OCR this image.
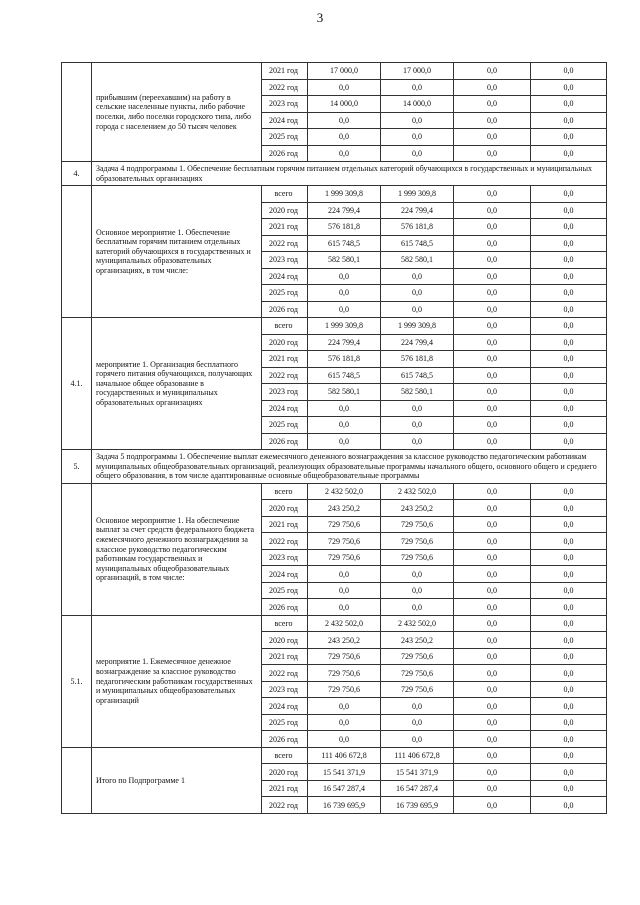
3
	прибывшим (переехавшим) на работу в сельские населенные пункты, либо рабочие поселки, либо поселки городского типа, либо города с населением до 50 тысяч человек	2021 год	17 000,0	17 000,0	0,0	0,0
		2022 год	0,0	0,0	0,0	0,0
		2023 год	14 000,0	14 000,0	0,0	0,0
		2024 год	0,0	0,0	0,0	0,0
		2025 год	0,0	0,0	0,0	0,0
		2026 год	0,0	0,0	0,0	0,0
4.	Задача 4 подпрограммы 1. Обеспечение бесплатным горячим питанием отдельных категорий обучающихся в государственных и муниципальных образовательных организациях					
	Основное мероприятие 1. Обеспечение бесплатным горячим питанием отдельных категорий обучающихся в государственных и муниципальных образовательных организациях, в том числе:	всего	1 999 309,8	1 999 309,8	0,0	0,0
		2020 год	224 799,4	224 799,4	0,0	0,0
		2021 год	576 181,8	576 181,8	0,0	0,0
		2022 год	615 748,5	615 748,5	0,0	0,0
		2023 год	582 580,1	582 580,1	0,0	0,0
		2024 год	0,0	0,0	0,0	0,0
		2025 год	0,0	0,0	0,0	0,0
		2026 год	0,0	0,0	0,0	0,0
4.1.	мероприятие 1. Организация бесплатного горячего питания обучающихся, получающих начальное общее образование в государственных и муниципальных образовательных организациях	всего	1 999 309,8	1 999 309,8	0,0	0,0
		2020 год	224 799,4	224 799,4	0,0	0,0
		2021 год	576 181,8	576 181,8	0,0	0,0
		2022 год	615 748,5	615 748,5	0,0	0,0
		2023 год	582 580,1	582 580,1	0,0	0,0
		2024 год	0,0	0,0	0,0	0,0
		2025 год	0,0	0,0	0,0	0,0
		2026 год	0,0	0,0	0,0	0,0
5.	Задача 5 подпрограммы 1. Обеспечение выплат ежемесячного денежного вознаграждения за классное руководство педагогическим работникам муниципальных общеобразовательных организаций, реализующих образовательные программы начального общего, основного общего и среднего общего образования, в том числе адаптированные основные общеобразовательные программы					
	Основное мероприятие 1. На обеспечение выплат за счет средств федерального бюджета ежемесячного денежного вознаграждения за классное руководство педагогическим работникам государственных и муниципальных общеобразовательных организаций, в том числе:	всего	2 432 502,0	2 432 502,0	0,0	0,0
		2020 год	243 250,2	243 250,2	0,0	0,0
		2021 год	729 750,6	729 750,6	0,0	0,0
		2022 год	729 750,6	729 750,6	0,0	0,0
		2023 год	729 750,6	729 750,6	0,0	0,0
		2024 год	0,0	0,0	0,0	0,0
		2025 год	0,0	0,0	0,0	0,0
		2026 год	0,0	0,0	0,0	0,0
5.1.	мероприятие 1. Ежемесячное денежное вознаграждение за классное руководство педагогическим работникам государственных и муниципальных общеобразовательных организаций	всего	2 432 502,0	2 432 502,0	0,0	0,0
		2020 год	243 250,2	243 250,2	0,0	0,0
		2021 год	729 750,6	729 750,6	0,0	0,0
		2022 год	729 750,6	729 750,6	0,0	0,0
		2023 год	729 750,6	729 750,6	0,0	0,0
		2024 год	0,0	0,0	0,0	0,0
		2025 год	0,0	0,0	0,0	0,0
		2026 год	0,0	0,0	0,0	0,0
	Итого по Подпрограмме 1	всего	111 406 672,8	111 406 672,8	0,0	0,0
		2020 год	15 541 371,9	15 541 371,9	0,0	0,0
		2021 год	16 547 287,4	16 547 287,4	0,0	0,0
		2022 год	16 739 695,9	16 739 695,9	0,0	0,0
